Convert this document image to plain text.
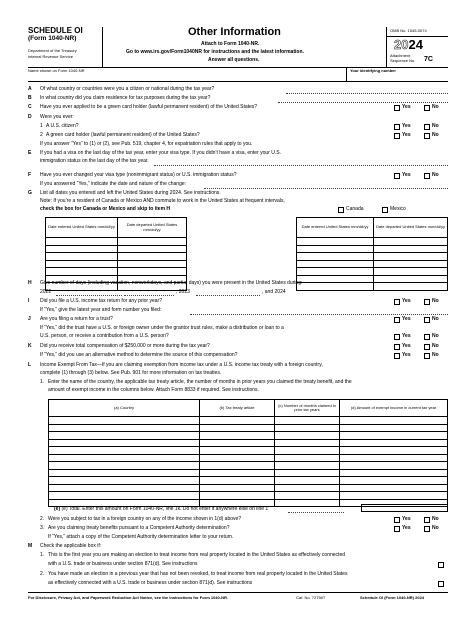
SCHEDULE OI
(Form 1040-NR)
Department of the Treasury
Internal Revenue Service
Other Information
Attach to Form 1040-NR.
Go to www.irs.gov/Form1040NR for instructions and the latest information.
Answer all questions.
OMB No. 1545-0074
2024
Attachment
Sequence No. 7C
Name shown on Form 1040-NR	Your identifying number
A Of what country or countries were you a citizen or national during the tax year?
B In what country did you claim residence for tax purposes during the tax year?
C Have you ever applied to be a green card holder (lawful permanent resident) of the United States?	Yes	No
D Were you ever:
1 A U.S. citizen?	Yes	No
2 A green card holder (lawful permanent resident) of the United States?	Yes	No
If you answer “Yes” to (1) or (2), see Pub. 519, chapter 4, for expatriation rules that apply to you.
E If you had a visa on the last day of the tax year, enter your visa type. If you didn’t have a visa, enter your U.S.
immigration status on the last day of the tax year.
F Have you ever changed your visa type (nonimmigrant status) or U.S. immigration status?	Yes	No
If you answered “Yes,” indicate the date and nature of the change:
G List all dates you entered and left the United States during 2024. See instructions.
Note: If you’re a resident of Canada or Mexico AND commute to work in the United States at frequent intervals,
check the box for Canada or Mexico and skip to item H	Canada	Mexico
Date entered United States mm/dd/yy	Date departed United States mm/dd/yy

		Date entered United States mm/dd/yy	Date departed United States mm/dd/yy

H Give number of days (including vacation, nonworkdays, and partial days) you were present in the United States during:
2022	, 2023	, and 2024
I Did you file a U.S. income tax return for any prior year?	Yes	No
If “Yes,” give the latest year and form number you filed:
J Are you filing a return for a trust?	Yes	No
If “Yes,” did the trust have a U.S. or foreign owner under the grantor trust rules, make a distribution or loan to a
U.S. person, or receive a contribution from a U.S. person?	Yes	No
K Did you receive total compensation of $250,000 or more during the tax year?	Yes	No
If “Yes,” did you use an alternative method to determine the source of this compensation?	Yes	No
L Income Exempt From Tax—If you are claiming exemption from income tax under a U.S. income tax treaty with a foreign country,
complete (1) through (3) below. See Pub. 901 for more information on tax treaties.
1. Enter the name of the country, the applicable tax treaty article, the number of months in prior years you claimed the treaty benefit, and the
amount of exempt income in the columns below. Attach Form 8833 if required. See instructions.
(a) Country	(b) Tax treaty article	(c) Number of months claimed in prior tax years	(d) Amount of exempt income in current tax year

(e) (e) Total. Enter this amount on Form 1040-NR, line 1k. Do not enter it anywhere else on line 1
2. Were you subject to tax in a foreign country on any of the income shown in 1(d) above?	Yes	No
3. Are you claiming treaty benefits pursuant to a Competent Authority determination?	Yes	No
If “Yes,” attach a copy of the Competent Authority determination letter to your return.
M Check the applicable box if:
1. This is the first year you are making an election to treat income from real property located in the United States as effectively connected
with a U.S. trade or business under section 871(d). See instructions
2. You have made an election in a previous year that has not been revoked, to treat income from real property located in the United States
as effectively connected with a U.S. trade or business under section 871(d). See instructions
For Disclosure, Privacy Act, and Paperwork Reduction Act Notice, see the instructions for Form 1040-NR.	Cat. No. 72756T	Schedule OI (Form 1040-NR) 2024
